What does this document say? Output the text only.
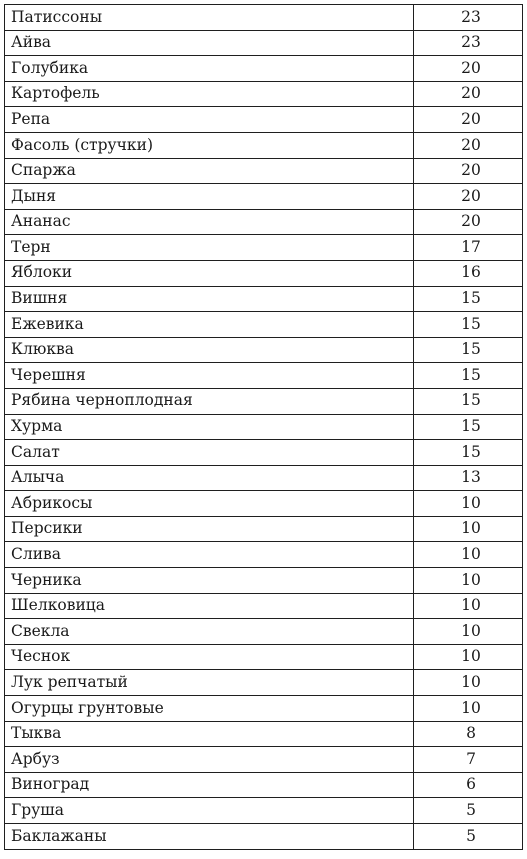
Патиссоны	23
Айва	23
Голубика	20
Картофель	20
Репа	20
Фасоль (стручки)	20
Спаржа	20
Дыня	20
Ананас	20
Терн	17
Яблоки	16
Вишня	15
Ежевика	15
Клюква	15
Черешня	15
Рябина черноплодная	15
Хурма	15
Салат	15
Алыча	13
Абрикосы	10
Персики	10
Слива	10
Черника	10
Шелковица	10
Свекла	10
Чеснок	10
Лук репчатый	10
Огурцы грунтовые	10
Тыква	8
Арбуз	7
Виноград	6
Груша	5
Баклажаны	5
